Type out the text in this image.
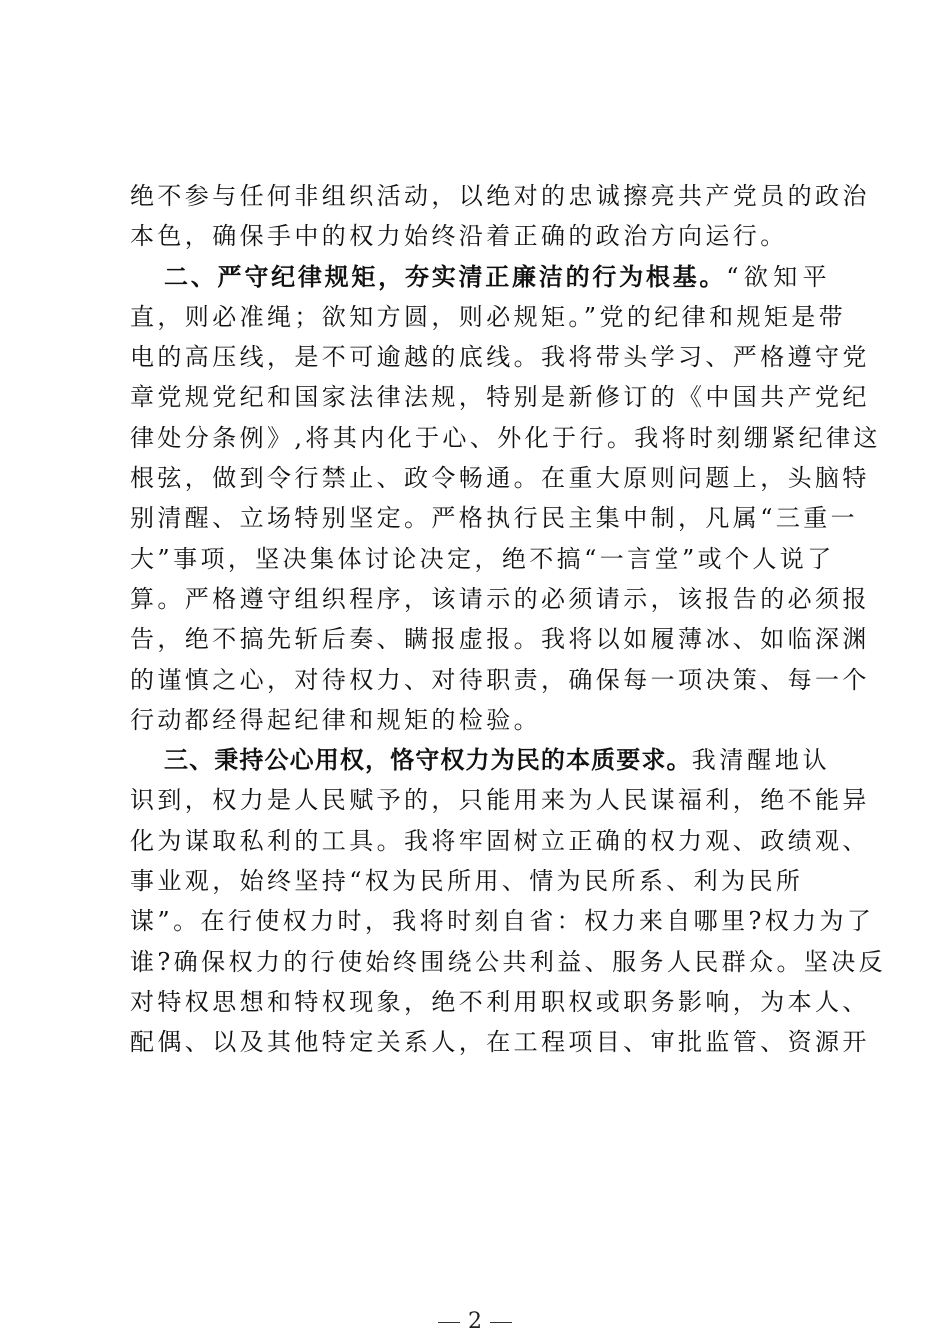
绝不参与任何非组织活动，以绝对的忠诚擦亮共产党员的政治
本色，确保手中的权力始终沿着正确的政治方向运行。
二、严守纪律规矩，夯实清正廉洁的行为根基。“欲知平
直，则必准绳；欲知方圆，则必规矩。”党的纪律和规矩是带
电的高压线，是不可逾越的底线。我将带头学习、严格遵守党
章党规党纪和国家法律法规，特别是新修订的《中国共产党纪
律处分条例》,将其内化于心、外化于行。我将时刻绷紧纪律这
根弦，做到令行禁止、政令畅通。在重大原则问题上，头脑特
别清醒、立场特别坚定。严格执行民主集中制，凡属“三重一
大”事项，坚决集体讨论决定，绝不搞“一言堂”或个人说了
算。严格遵守组织程序，该请示的必须请示，该报告的必须报
告，绝不搞先斩后奏、瞒报虚报。我将以如履薄冰、如临深渊
的谨慎之心，对待权力、对待职责，确保每一项决策、每一个
行动都经得起纪律和规矩的检验。
三、秉持公心用权，恪守权力为民的本质要求。我清醒地认
识到，权力是人民赋予的，只能用来为人民谋福利，绝不能异
化为谋取私利的工具。我将牢固树立正确的权力观、政绩观、
事业观，始终坚持“权为民所用、情为民所系、利为民所
谋”。在行使权力时，我将时刻自省：权力来自哪里?权力为了
谁?确保权力的行使始终围绕公共利益、服务人民群众。坚决反
对特权思想和特权现象，绝不利用职权或职务影响，为本人、
配偶、以及其他特定关系人，在工程项目、审批监管、资源开
2
